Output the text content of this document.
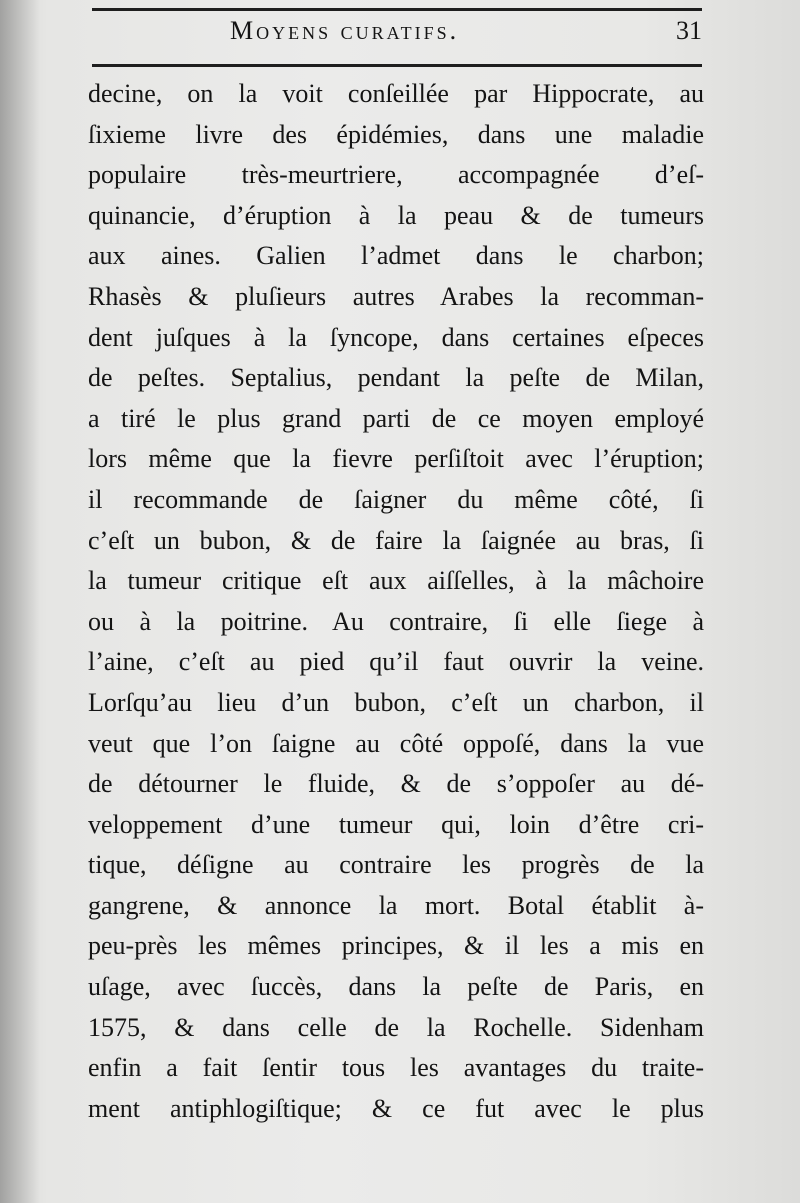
Moyens curatifs.	31
decine, on la voit conſeillée par Hippocrate, au
ſixieme livre des épidémies, dans une maladie
populaire très-meurtriere, accompagnée d’eſ-
quinancie, d’éruption à la peau & de tumeurs
aux aines. Galien l’admet dans le charbon;
Rhasès & pluſieurs autres Arabes la recomman-
dent juſques à la ſyncope, dans certaines eſpeces
de peſtes. Septalius, pendant la peſte de Milan,
a tiré le plus grand parti de ce moyen employé
lors même que la fievre perſiſtoit avec l’éruption;
il recommande de ſaigner du même côté, ſi
c’eſt un bubon, & de faire la ſaignée au bras, ſi
la tumeur critique eſt aux aiſſelles, à la mâchoire
ou à la poitrine. Au contraire, ſi elle ſiege à
l’aine, c’eſt au pied qu’il faut ouvrir la veine.
Lorſqu’au lieu d’un bubon, c’eſt un charbon, il
veut que l’on ſaigne au côté oppoſé, dans la vue
de détourner le fluide, & de s’oppoſer au dé-
veloppement d’une tumeur qui, loin d’être cri-
tique, déſigne au contraire les progrès de la
gangrene, & annonce la mort. Botal établit à-
peu-près les mêmes principes, & il les a mis en
uſage, avec ſuccès, dans la peſte de Paris, en
1575, & dans celle de la Rochelle. Sidenham
enfin a fait ſentir tous les avantages du traite-
ment antiphlogiſtique; & ce fut avec le plus
